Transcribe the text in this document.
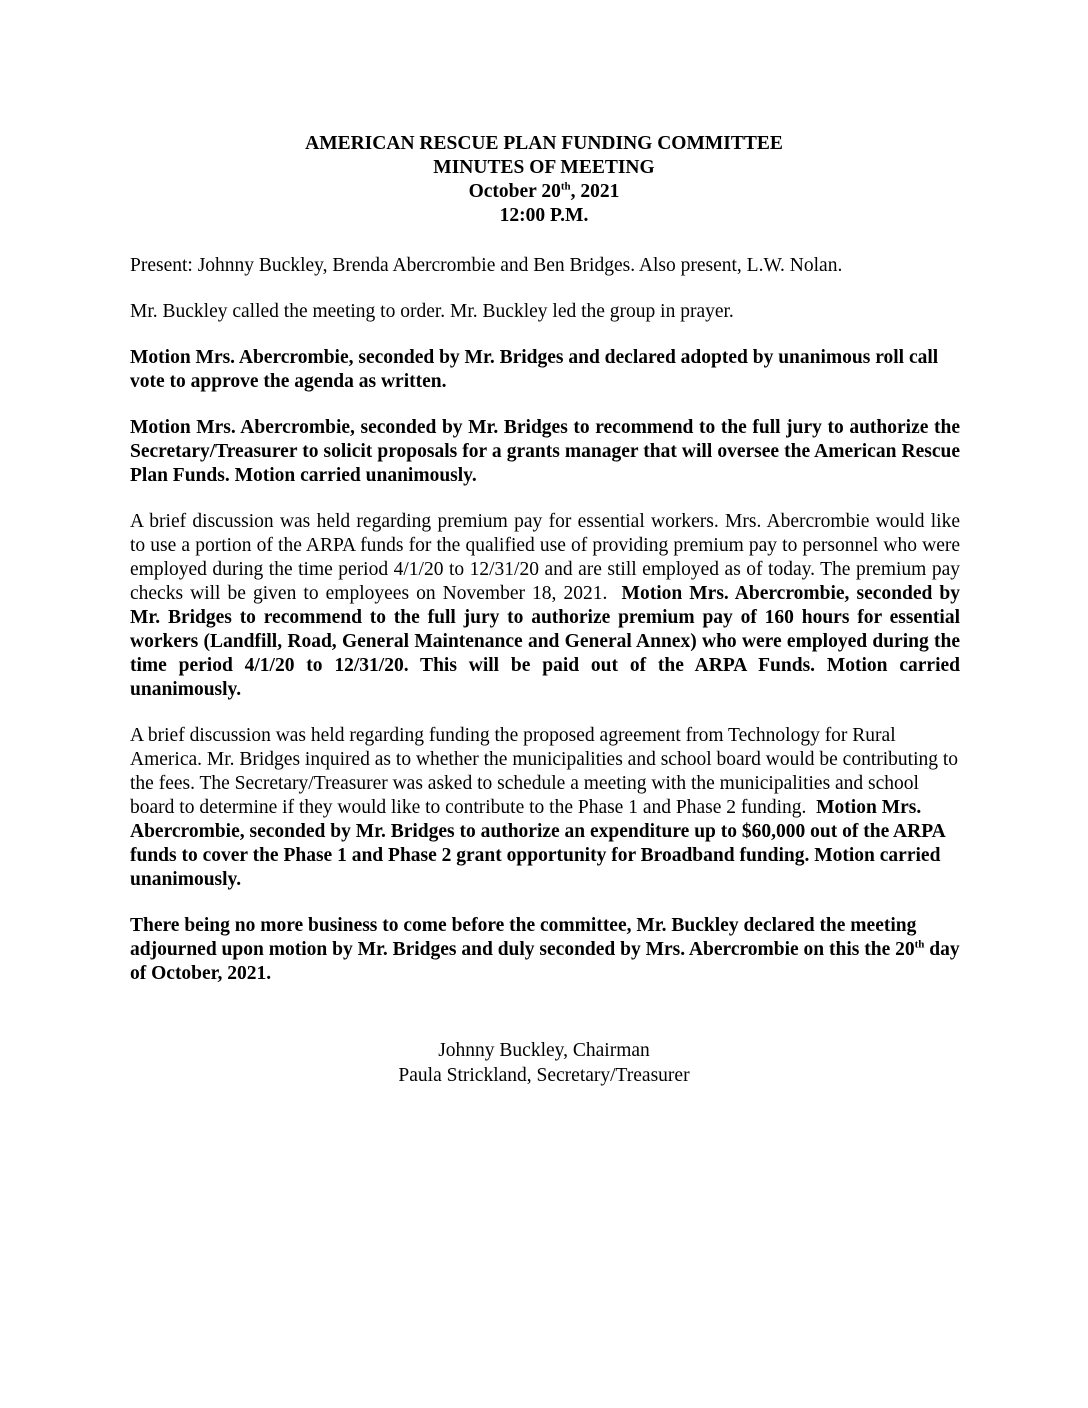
AMERICAN RESCUE PLAN FUNDING COMMITTEE
MINUTES OF MEETING
October 20th, 2021
12:00 P.M.

Present: Johnny Buckley, Brenda Abercrombie and Ben Bridges. Also present, L.W. Nolan.

Mr. Buckley called the meeting to order. Mr. Buckley led the group in prayer.

Motion Mrs. Abercrombie, seconded by Mr. Bridges and declared adopted by unanimous roll call vote to approve the agenda as written.

Motion Mrs. Abercrombie, seconded by Mr. Bridges to recommend to the full jury to authorize the Secretary/Treasurer to solicit proposals for a grants manager that will oversee the American Rescue Plan Funds. Motion carried unanimously.

A brief discussion was held regarding premium pay for essential workers. Mrs. Abercrombie would like to use a portion of the ARPA funds for the qualified use of providing premium pay to personnel who were employed during the time period 4/1/20 to 12/31/20 and are still employed as of today. The premium pay checks will be given to employees on November 18, 2021. Motion Mrs. Abercrombie, seconded by Mr. Bridges to recommend to the full jury to authorize premium pay of 160 hours for essential workers (Landfill, Road, General Maintenance and General Annex) who were employed during the time period 4/1/20 to 12/31/20. This will be paid out of the ARPA Funds. Motion carried unanimously.

A brief discussion was held regarding funding the proposed agreement from Technology for Rural America. Mr. Bridges inquired as to whether the municipalities and school board would be contributing to the fees. The Secretary/Treasurer was asked to schedule a meeting with the municipalities and school board to determine if they would like to contribute to the Phase 1 and Phase 2 funding. Motion Mrs. Abercrombie, seconded by Mr. Bridges to authorize an expenditure up to $60,000 out of the ARPA funds to cover the Phase 1 and Phase 2 grant opportunity for Broadband funding. Motion carried unanimously.

There being no more business to come before the committee, Mr. Buckley declared the meeting adjourned upon motion by Mr. Bridges and duly seconded by Mrs. Abercrombie on this the 20th day of October, 2021.

Johnny Buckley, Chairman
Paula Strickland, Secretary/Treasurer
